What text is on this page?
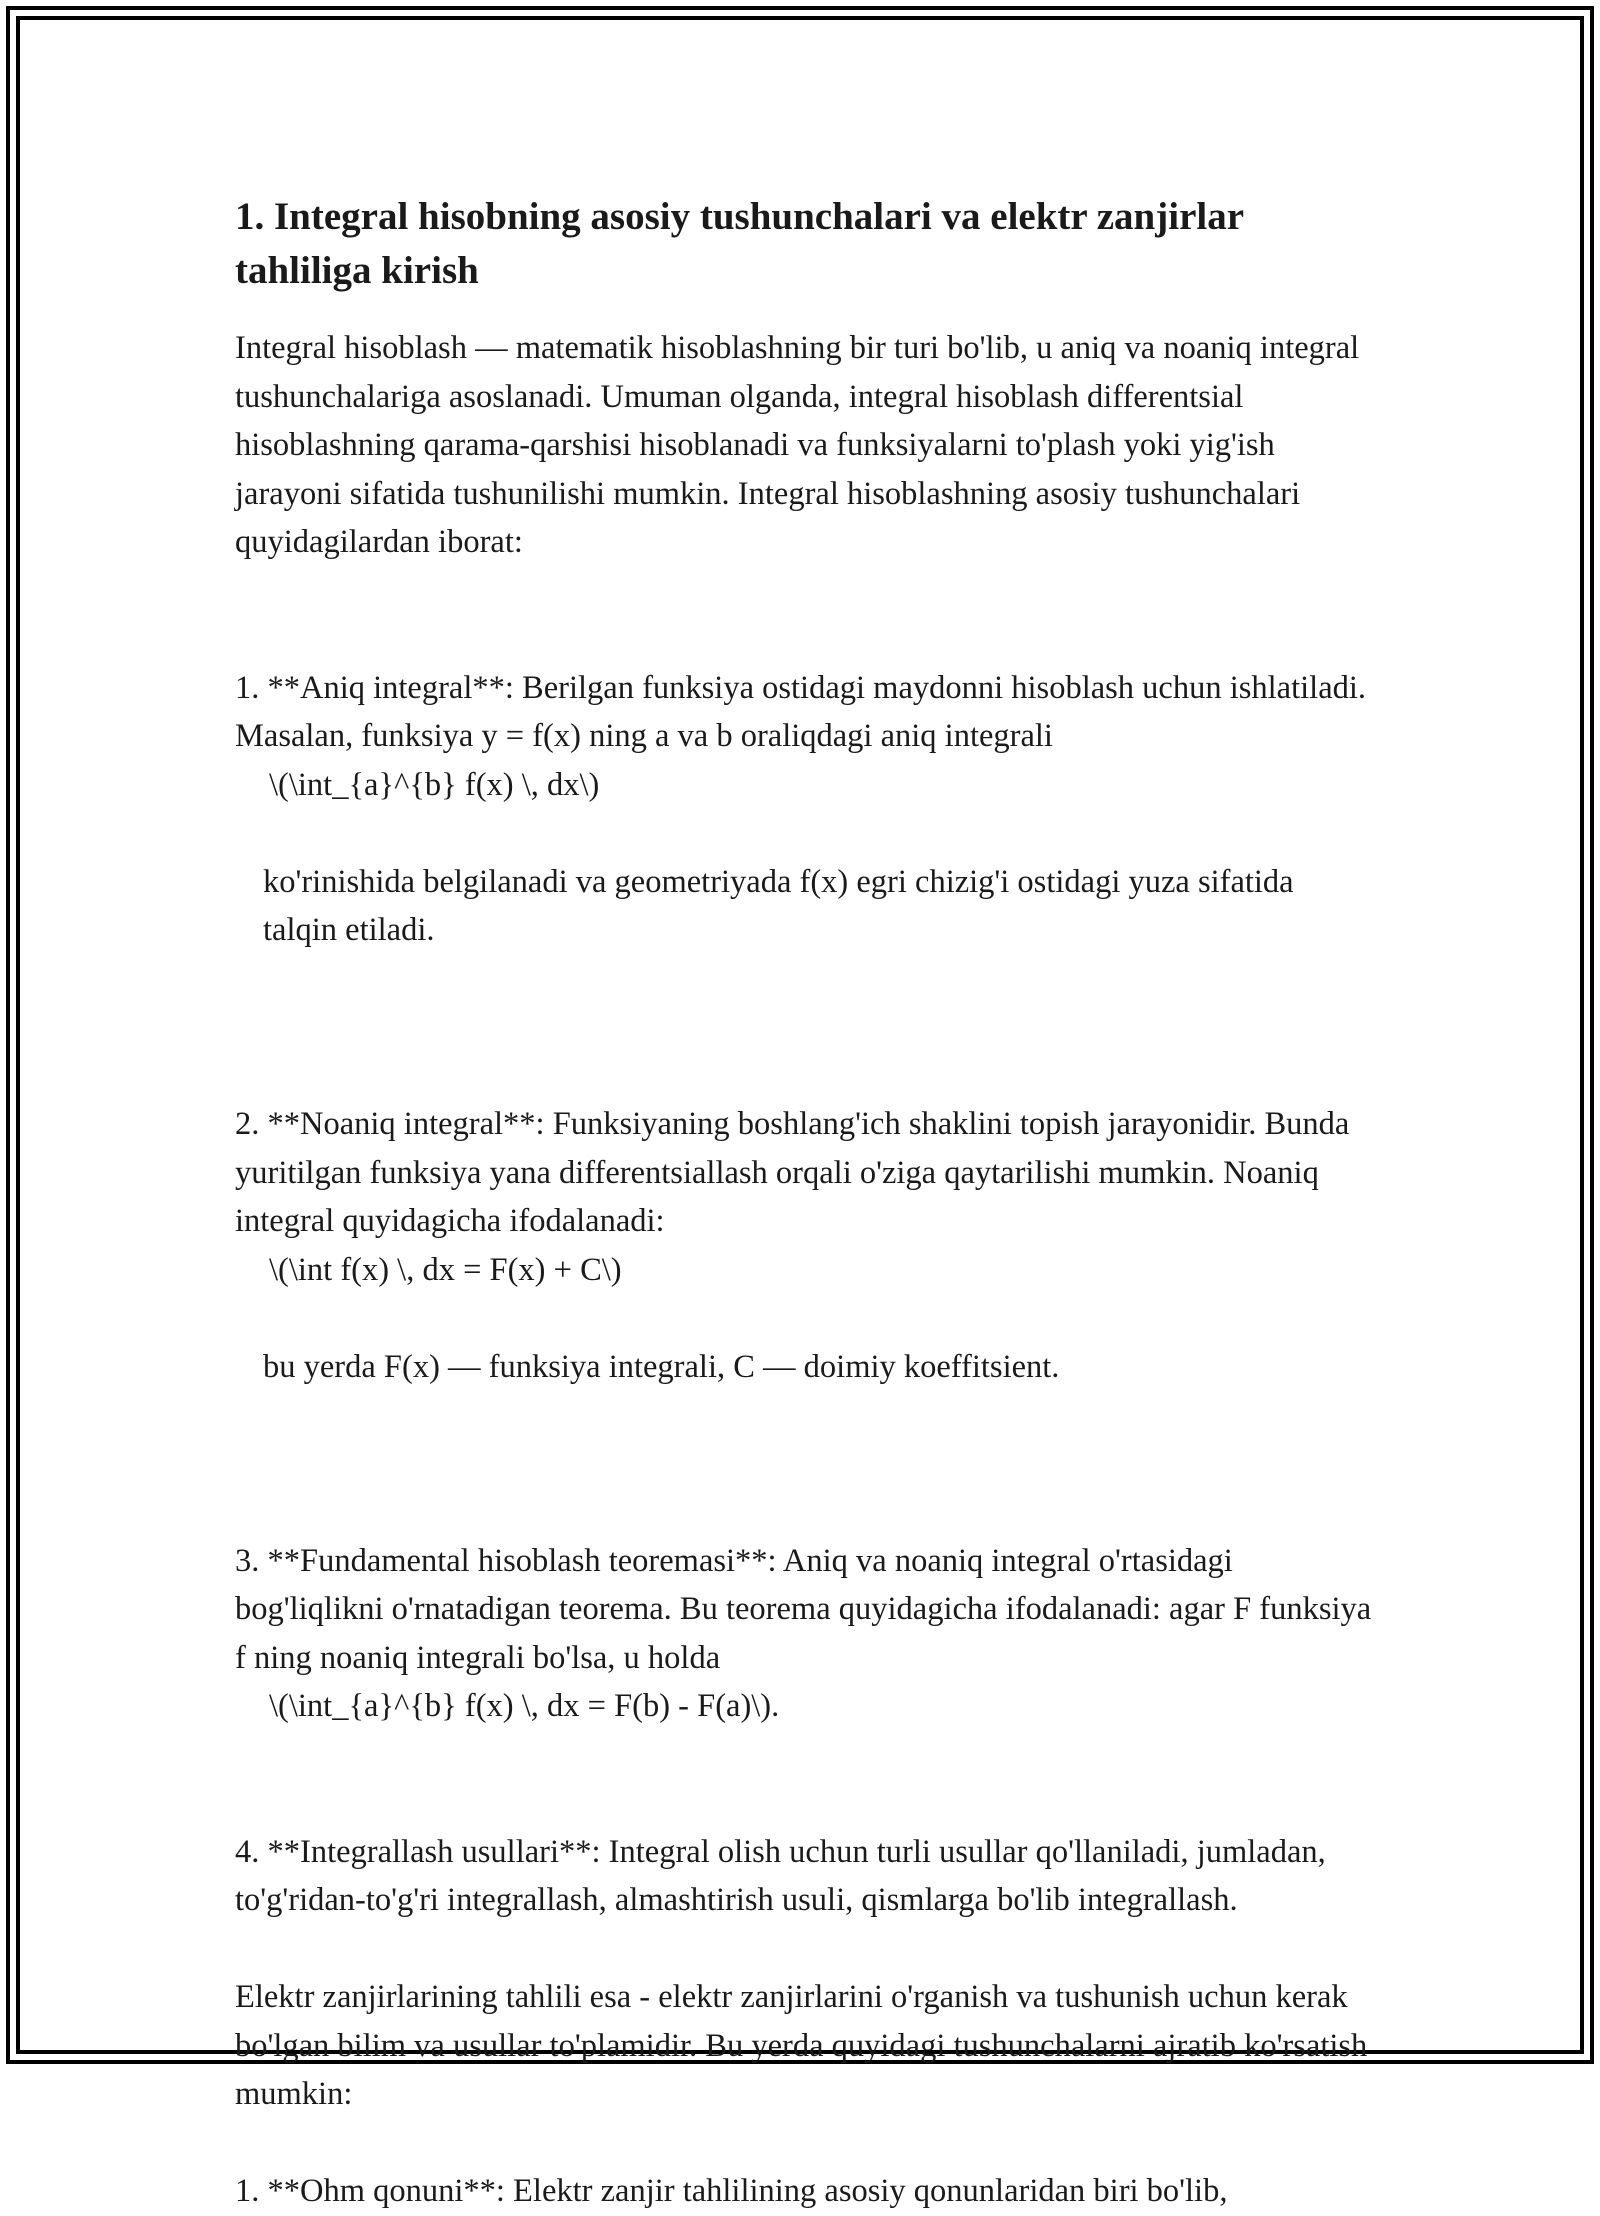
1. Integral hisobning asosiy tushunchalari va elektr zanjirlar tahliliga kirish

Integral hisoblash — matematik hisoblashning bir turi bo'lib, u aniq va noaniq integral tushunchalariga asoslanadi. Umuman olganda, integral hisoblash differentsial hisoblashning qarama-qarshisi hisoblanadi va funksiyalarni to'plash yoki yig'ish jarayoni sifatida tushunilishi mumkin. Integral hisoblashning asosiy tushunchalari quyidagilardan iborat:

1. **Aniq integral**: Berilgan funksiya ostidagi maydonni hisoblash uchun ishlatiladi. Masalan, funksiya y = f(x) ning a va b oraliqdagi aniq integrali

\(\int_{a}^{b} f(x) \, dx\)

ko'rinishida belgilanadi va geometriyada f(x) egri chizig'i ostidagi yuza sifatida talqin etiladi.

2. **Noaniq integral**: Funksiyaning boshlang'ich shaklini topish jarayonidir. Bunda yuritilgan funksiya yana differentsiallash orqali o'ziga qaytarilishi mumkin. Noaniq integral quyidagicha ifodalanadi:

\(\int f(x) \, dx = F(x) + C\)

bu yerda F(x) — funksiya integrali, C — doimiy koeffitsient.

3. **Fundamental hisoblash teoremasi**: Aniq va noaniq integral o'rtasidagi bog'liqlikni o'rnatadigan teorema. Bu teorema quyidagicha ifodalanadi: agar F funksiya f ning noaniq integrali bo'lsa, u holda

\(\int_{a}^{b} f(x) \, dx = F(b) - F(a)\).

4. **Integrallash usullari**: Integral olish uchun turli usullar qo'llaniladi, jumladan, to'g'ridan-to'g'ri integrallash, almashtirish usuli, qismlarga bo'lib integrallash.

Elektr zanjirlarining tahlili esa - elektr zanjirlarini o'rganish va tushunish uchun kerak bo'lgan bilim va usullar to'plamidir. Bu yerda quyidagi tushunchalarni ajratib ko'rsatish mumkin:

1. **Ohm qonuni**: Elektr zanjir tahlilining asosiy qonunlaridan biri bo'lib,
